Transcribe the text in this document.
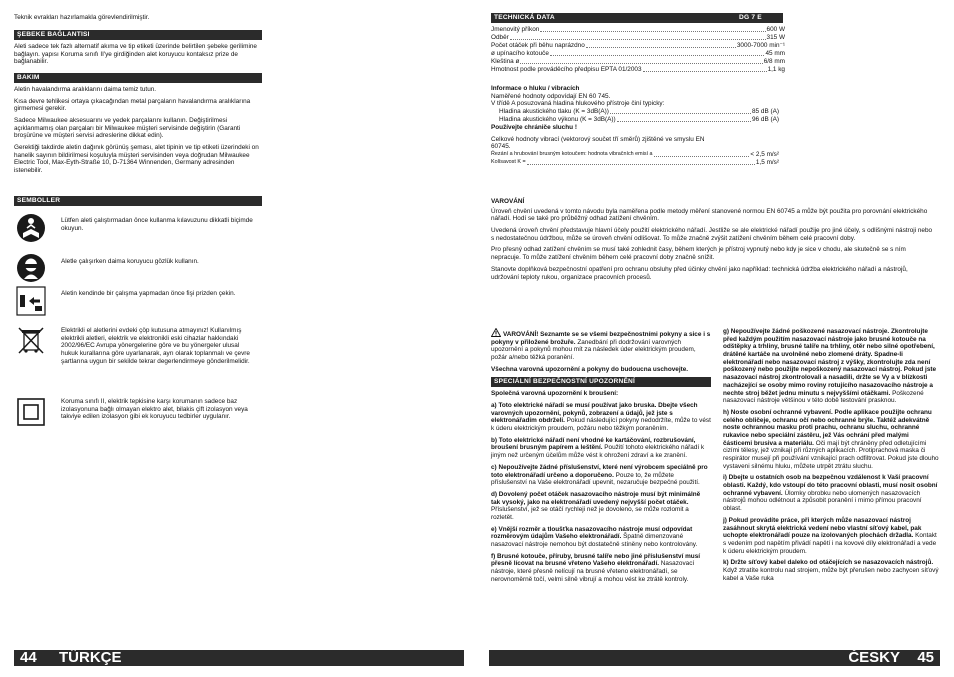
Teknik evrakları hazırlamakla görevlendirilmiştir.
ŞEBEKE BAĞLANTISI

Aleti sadece tek fazlı alternatif akıma ve tip etiketi üzerinde belirtilen şebeke gerilimine bağlayın. yapısı Koruma sınıfı II'ye girdiğinden alet koruyucu kontaksız prize de bağlanabilir.

BAKIM

Aletin havalandırma aralıklarını daima temiz tutun.

Kısa devre tehlikesi ortaya çıkacağından metal parçaların havalandırma aralıklarına girmemesi gerekir.

Sadece Milwaukee aksesuarını ve yedek parçalarını kullanın. Değiştirilmesi açıklanmamış olan parçaları bir Milwaukee müşteri servisinde değiştirin (Garanti broşürüne ve müşteri servisi adreslerine dikkat edin).

Gerektiği takdirde aletin dağınık görünüş şeması, alet tipinin ve tip etiketi üzerindeki on hanelik sayının bildirilmesi koşuluyla müşteri servisinden veya doğrudan Milwaukee Electric Tool, Max-Eyth-Straße 10, D-71364 Winnenden, Germany adresinden istenebilir.

SEMBOLLER
Lütfen aleti çalıştırmadan önce kullanma kılavuzunu dikkatli biçimde okuyun.
Aletle çalışırken daima koruyucu gözlük kullanın.
Aletin kendinde bir çalışma yapmadan önce fişi prizden çekin.
Elektrikli el aletlerini evdeki çöp kutusuna atmayınız! Kullanılmış elektrikli aletleri, elektrik ve elektronikli eski cihazlar hakkındaki 2002/96/EC Avrupa yönergelerine göre ve bu yönergeler ulusal hukuk kurallarına göre uyarlanarak, ayrı olarak toplanmalı ve çevre şartlarına uygun bir sekilde tekrar degerlendirmeye gönderilmelidir.
Koruma sınıfı II, elektrik tepkisine karşı korumanın sadece baz izolasyonuna bağlı olmayan elektro alet, bilakis çift izolasyon veya takviye edilen izolasyon gibi ek koruyucu tedbirler uygulanır.
44 TÜRKÇE
TECHNICKÁ DATA	DG 7 E
Jmenovitý příkon	600 W
Odběr	315 W
Počet otáček při běhu naprázdno	3000-7000 min⁻¹
ø upínacího kotouče	45 mm
Kleština ø	6/8 mm
Hmotnost podle prováděcího předpisu EPTA 01/2003	1,1 kg
Informace o hluku / vibracích
Naměřené hodnoty odpovídají EN 60 745.
V třídě A posuzovaná hladina hlukového přístroje činí typicky:
Hladina akustického tlaku (K = 3dB(A))	85 dB (A)
Hladina akustického výkonu (K = 3dB(A))	96 dB (A)
Používejte chrániče sluchu !
Celkové hodnoty vibrací (vektorový součet tří směrů) zjištěné ve smyslu EN 60745.
Řezání a hrubování brusným kotoučem: hodnota vibračních emisí a	< 2,5 m/s²
Kolísavost K =	1,5 m/s²
VAROVÁNÍ

Úroveň chvění uvedená v tomto návodu byla naměřena podle metody měření stanovené normou EN 60745 a může být použita pro porovnání elektrického nářadí. Hodí se také pro průběžný odhad zatížení chvěním.

Uvedená úroveň chvění představuje hlavní účely použití elektrického nářadí. Jestliže se ale elektrické nářadí použije pro jiné účely, s odlišnými nástroji nebo s nedostatečnou údržbou, může se úroveň chvění odlišovat. To může značně zvýšit zatížení chvěním během celé pracovní doby.

Pro přesný odhad zatížení chvěním se musí také zohlednit časy, během kterých je přístroj vypnutý nebo kdy je sice v chodu, ale skutečně se s ním nepracuje. To může zatížení chvěním během celé pracovní doby značně snížit.

Stanovte doplňková bezpečnostní opatření pro ochranu obsluhy před účinky chvění jako například: technická údržba elektrického nářadí a nástrojů, udržování teploty rukou, organizace pracovních procesů.

VAROVÁNÍ! Seznamte se se všemi bezpečnostními pokyny a sice i s pokyny v přiložené brožuře. Zanedbání při dodržování varovných upozornění a pokynů mohou mít za následek úder elektrickým proudem, požár a/nebo těžká poranění.

Všechna varovná upozornění a pokyny do budoucna uschovejte.

SPECIÁLNÍ BEZPEČNOSTNÍ UPOZORNĚNÍ

Společná varovná upozornění k broušení:

a) Toto elektrické nářadí se musí používat jako bruska. Dbejte všech varovných upozornění, pokynů, zobrazení a údajů, jež jste s elektronářadím obdrželi. Pokud následující pokyny nedodržíte, může to vést k úderu elektrickým proudem, požáru nebo těžkým poraněním.

b) Toto elektrické nářadí není vhodné ke kartáčování, rozbrušování, broušení brusným papírem a leštění. Použití tohoto elektrického nářadí k jiným než určeným účelům může vést k ohrožení zdraví a ke zranění.

c) Nepoužívejte žádné příslušenství, které není výrobcem speciálně pro toto elektronářadí určeno a doporučeno. Pouze to, že můžete příslušenství na Vaše elektronářadí upevnit, nezaručuje bezpečné použití.

d) Dovolený počet otáček nasazovacího nástroje musí být minimálně tak vysoký, jako na elektronářadí uvedený nejvyšší počet otáček. Příslušenství, jež se otáčí rychleji než je dovoleno, se může rozlomit a rozletět.

e) Vnější rozměr a tloušťka nasazovacího nástroje musí odpovídat rozměrovým údajům Vašeho elektronářadí. Špatně dimenzované nasazovací nástroje nemohou být dostatečně stíněny nebo kontrolovány.

f) Brusné kotouče, příruby, brusné talíře nebo jiné příslušenství musí přesně lícovat na brusné vřeteno Vašeho elektronářadí. Nasazovací nástroje, které přesně nelícují na brusné vřeteno elektronářadí, se nerovnoměrně točí, velmi silně vibrují a mohou vést ke ztrátě kontroly.

g) Nepoužívejte žádné poškozené nasazovací nástroje. Zkontrolujte před každým použitím nasazovací nástroje jako brusné kotouče na odštěpky a trhliny, brusné talíře na trhliny, otěr nebo silné opotřebení, drátěné kartáče na uvolněné nebo zlomené dráty. Spadne-li elektronářadí nebo nasazovací nástroj z výšky, zkontrolujte zda není poškozený nebo použijte nepoškozený nasazovací nástroj. Pokud jste nasazovací nástroj zkontrolovali a nasadili, držte se Vy a v blízkosti nacházející se osoby mimo roviny rotujícího nasazovacího nástroje a nechte stroj běžet jednu minutu s nejvyššími otáčkami. Poškozené nasazovací nástroje většinou v této době testování prasknou.

h) Noste osobní ochranné vybavení. Podle aplikace použijte ochranu celého obličeje, ochranu očí nebo ochranné brýle. Taktéž adekvátně noste ochrannou masku proti prachu, ochranu sluchu, ochranné rukavice nebo speciální zástěru, jež Vás ochrání před malými částicemi brusiva a materiálu. Oči mají být chráněny před odletujícími cizími tělesy, jež vznikají při různých aplikacích. Protiprachová maska či respirátor musejí při používání vznikající prach odfiltrovat. Pokud jste dlouho vystaveni silnému hluku, můžete utrpět ztrátu sluchu.

i) Dbejte u ostatních osob na bezpečnou vzdálenost k Vaší pracovní oblasti. Každý, kdo vstoupí do této pracovní oblasti, musí nosit osobní ochranné vybavení. Úlomky obrobku nebo ulomených nasazovacích nástrojů mohou odlétnout a způsobit poranění i mimo přímou pracovní oblast.

j) Pokud provádíte práce, při kterých může nasazovací nástroj zasáhnout skrytá elektrická vedení nebo vlastní síťový kabel, pak uchopte elektronářadí pouze na izolovaných plochách držadla. Kontakt s vedením pod napětím přivádí napětí i na kovové díly elektronářadí a vede k úderu elektrickým proudem.

k) Držte síťový kabel daleko od otáčejících se nasazovacích nástrojů. Když ztratíte kontrolu nad strojem, může být přerušen nebo zachycen síťový kabel a Vaše ruka

ČESKY 45
